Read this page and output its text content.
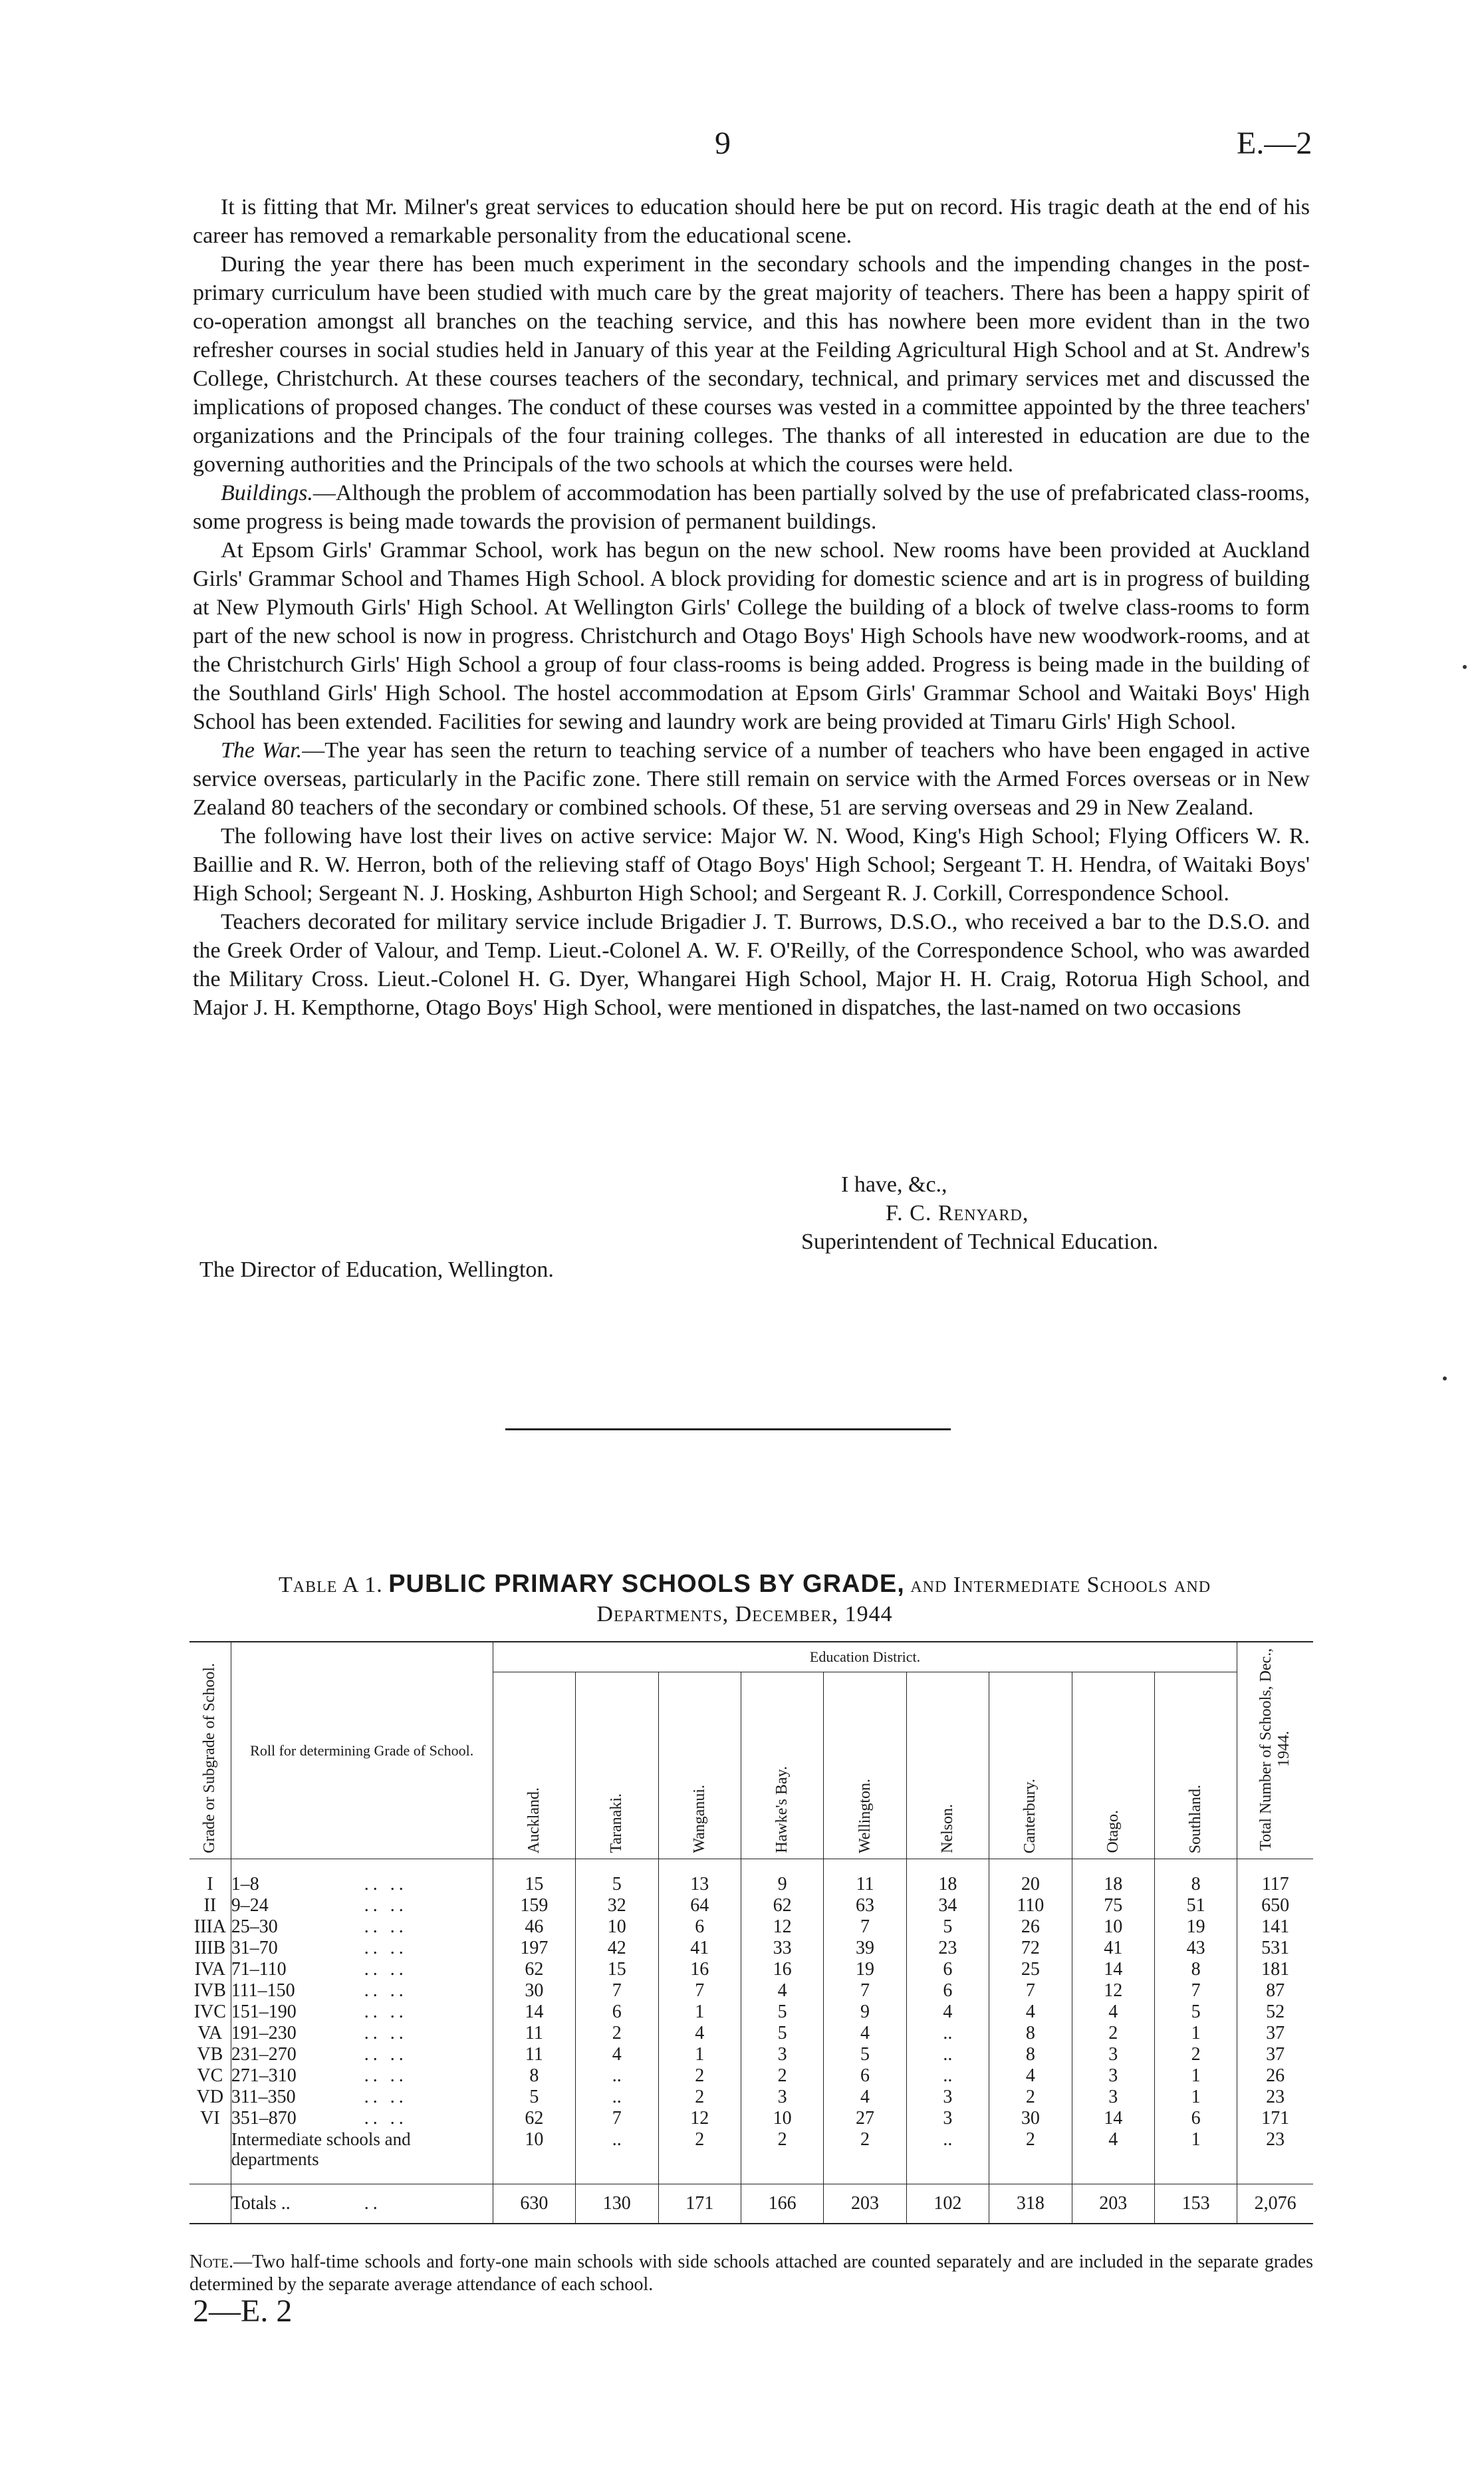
9	E.—2

It is fitting that Mr. Milner's great services to education should here be put on record. His tragic death at the end of his career has removed a remarkable personality from the educational scene.

During the year there has been much experiment in the secondary schools and the impending changes in the post-primary curriculum have been studied with much care by the great majority of teachers. There has been a happy spirit of co-operation amongst all branches on the teaching service, and this has nowhere been more evident than in the two refresher courses in social studies held in January of this year at the Feilding Agricultural High School and at St. Andrew's College, Christchurch. At these courses teachers of the secondary, technical, and primary services met and discussed the implications of proposed changes. The conduct of these courses was vested in a committee appointed by the three teachers' organizations and the Principals of the four training colleges. The thanks of all interested in education are due to the governing authorities and the Principals of the two schools at which the courses were held.

Buildings.—Although the problem of accommodation has been partially solved by the use of prefabricated class-rooms, some progress is being made towards the provision of permanent buildings.

At Epsom Girls' Grammar School, work has begun on the new school. New rooms have been provided at Auckland Girls' Grammar School and Thames High School. A block providing for domestic science and art is in progress of building at New Plymouth Girls' High School. At Wellington Girls' College the building of a block of twelve class-rooms to form part of the new school is now in progress. Christchurch and Otago Boys' High Schools have new woodwork-rooms, and at the Christchurch Girls' High School a group of four class-rooms is being added. Progress is being made in the building of the Southland Girls' High School. The hostel accommodation at Epsom Girls' Grammar School and Waitaki Boys' High School has been extended. Facilities for sewing and laundry work are being provided at Timaru Girls' High School.

The War.—The year has seen the return to teaching service of a number of teachers who have been engaged in active service overseas, particularly in the Pacific zone. There still remain on service with the Armed Forces overseas or in New Zealand 80 teachers of the secondary or combined schools. Of these, 51 are serving overseas and 29 in New Zealand.

The following have lost their lives on active service: Major W. N. Wood, King's High School; Flying Officers W. R. Baillie and R. W. Herron, both of the relieving staff of Otago Boys' High School; Sergeant T. H. Hendra, of Waitaki Boys' High School; Sergeant N. J. Hosking, Ashburton High School; and Sergeant R. J. Corkill, Correspondence School.

Teachers decorated for military service include Brigadier J. T. Burrows, D.S.O., who received a bar to the D.S.O. and the Greek Order of Valour, and Temp. Lieut.-Colonel A. W. F. O'Reilly, of the Correspondence School, who was awarded the Military Cross. Lieut.-Colonel H. G. Dyer, Whangarei High School, Major H. H. Craig, Rotorua High School, and Major J. H. Kempthorne, Otago Boys' High School, were mentioned in dispatches, the last-named on two occasions

I have, &c.,
F. C. Renyard,
Superintendent of Technical Education.
The Director of Education, Wellington.
Table A 1. PUBLIC PRIMARY SCHOOLS BY GRADE, and Intermediate Schools and
Departments, December, 1944
Grade or Subgrade of School.	Roll for determining Grade of School.	Education District.									Total Number of Schools, Dec., 1944.
		Auckland.	Taranaki.	Wanganui.	Hawke's Bay.	Wellington.	Nelson.	Canterbury.	Otago.	Southland.	
I	1–8 .. ..	15	5	13	9	11	18	20	18	8	117
II	9–24 .. ..	159	32	64	62	63	34	110	75	51	650
IIIA	25–30 .. ..	46	10	6	12	7	5	26	10	19	141
IIIB	31–70 .. ..	197	42	41	33	39	23	72	41	43	531
IVA	71–110 .. ..	62	15	16	16	19	6	25	14	8	181
IVB	111–150 .. ..	30	7	7	4	7	6	7	12	7	87
IVC	151–190 .. ..	14	6	1	5	9	4	4	4	5	52
VA	191–230 .. ..	11	2	4	5	4	..	8	2	1	37
VB	231–270 .. ..	11	4	1	3	5	..	8	3	2	37
VC	271–310 .. ..	8	..	2	2	6	..	4	3	1	26
VD	311–350 .. ..	5	..	2	3	4	3	2	3	1	23
VI	351–870 .. ..	62	7	12	10	27	3	30	14	6	171
	Intermediate schools and departments	10	..	2	2	2	..	2	4	1	23

	Totals .. ..	630	130	171	166	203	102	318	203	153	2,076
Note.—Two half-time schools and forty-one main schools with side schools attached are counted separately and are included in the separate grades determined by the separate average attendance of each school.
2—E. 2
